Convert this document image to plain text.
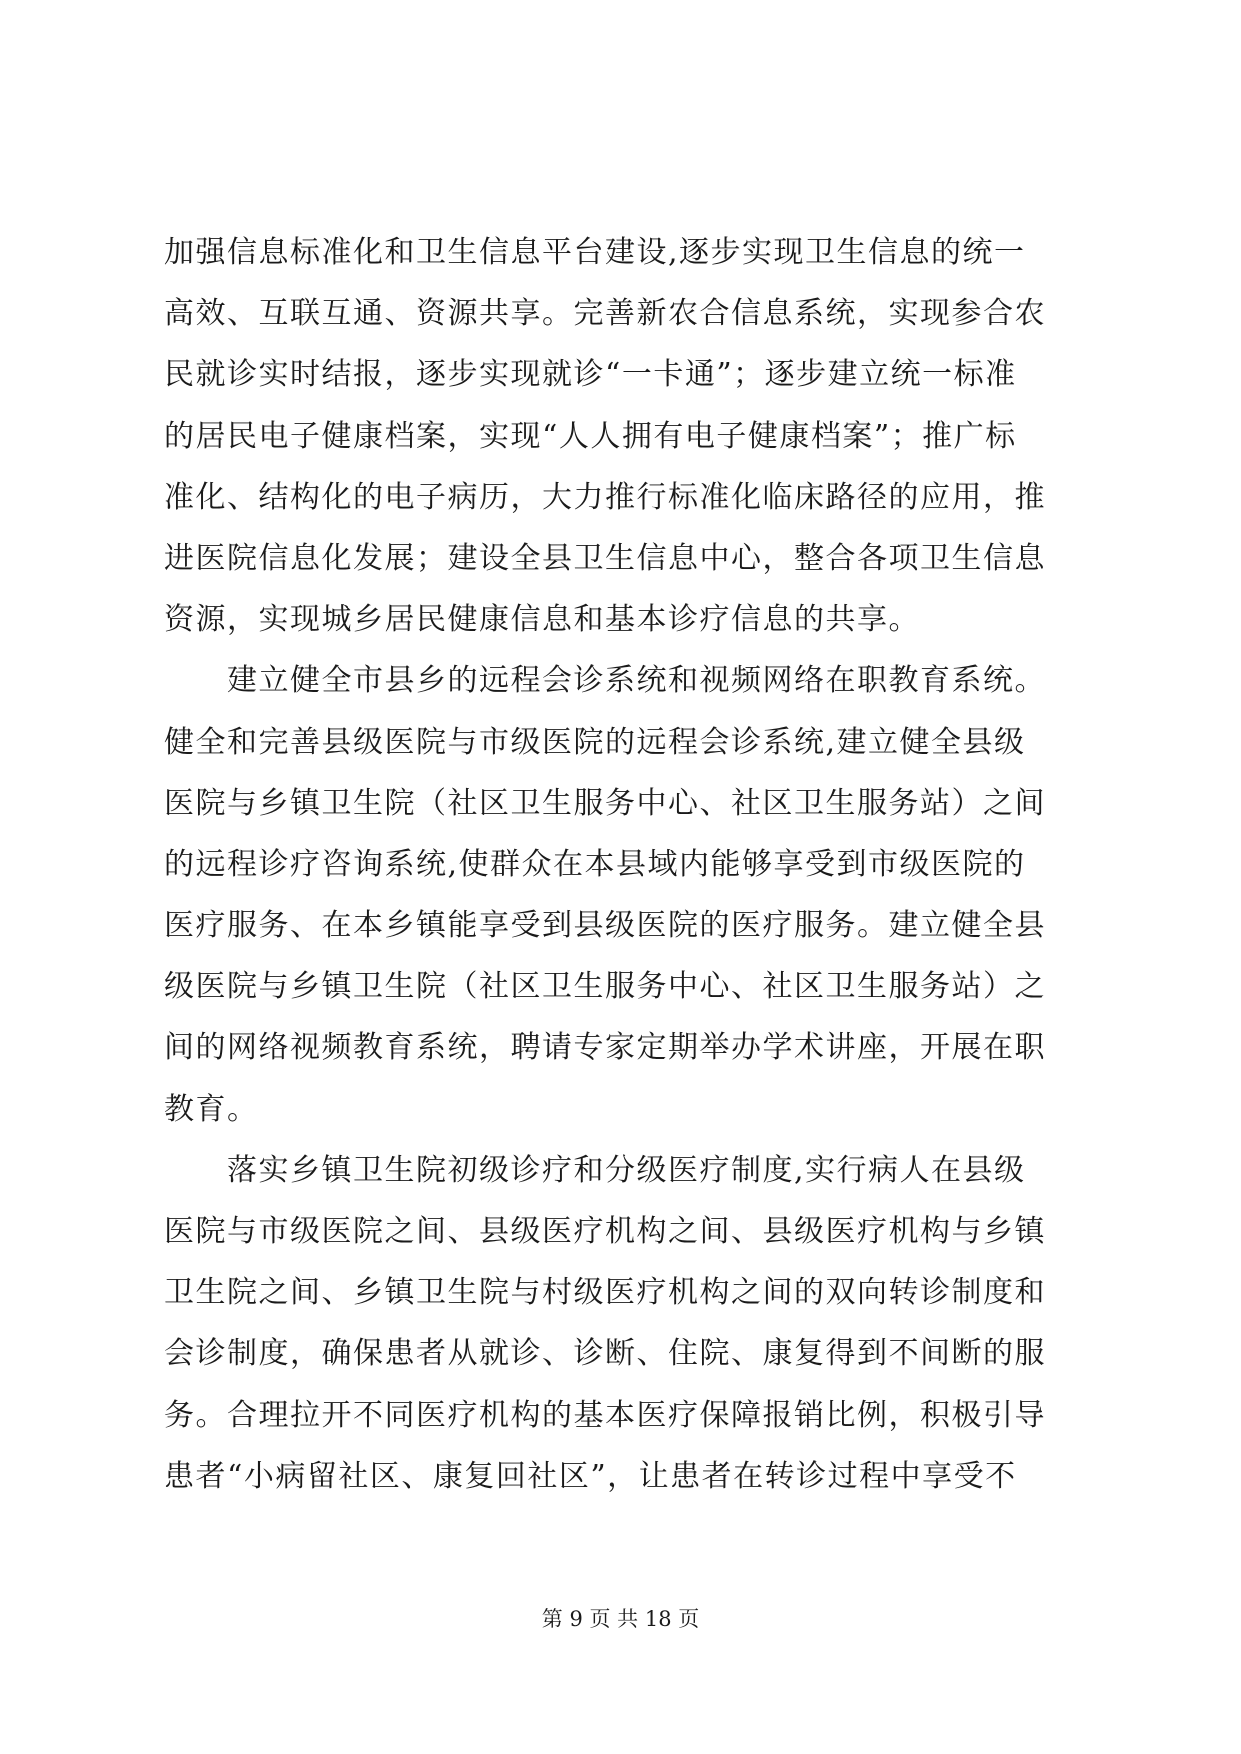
加强信息标准化和卫生信息平台建设,逐步实现卫生信息的统一
高效、互联互通、资源共享。完善新农合信息系统，实现参合农
民就诊实时结报，逐步实现就诊“一卡通”；逐步建立统一标准
的居民电子健康档案，实现“人人拥有电子健康档案”；推广标
准化、结构化的电子病历，大力推行标准化临床路径的应用，推
进医院信息化发展；建设全县卫生信息中心，整合各项卫生信息
资源，实现城乡居民健康信息和基本诊疗信息的共享。
　　建立健全市县乡的远程会诊系统和视频网络在职教育系统。
健全和完善县级医院与市级医院的远程会诊系统,建立健全县级
医院与乡镇卫生院（社区卫生服务中心、社区卫生服务站）之间
的远程诊疗咨询系统,使群众在本县域内能够享受到市级医院的
医疗服务、在本乡镇能享受到县级医院的医疗服务。建立健全县
级医院与乡镇卫生院（社区卫生服务中心、社区卫生服务站）之
间的网络视频教育系统，聘请专家定期举办学术讲座，开展在职
教育。
　　落实乡镇卫生院初级诊疗和分级医疗制度,实行病人在县级
医院与市级医院之间、县级医疗机构之间、县级医疗机构与乡镇
卫生院之间、乡镇卫生院与村级医疗机构之间的双向转诊制度和
会诊制度，确保患者从就诊、诊断、住院、康复得到不间断的服
务。合理拉开不同医疗机构的基本医疗保障报销比例，积极引导
患者“小病留社区、康复回社区”，让患者在转诊过程中享受不
第 9 页 共 18 页
